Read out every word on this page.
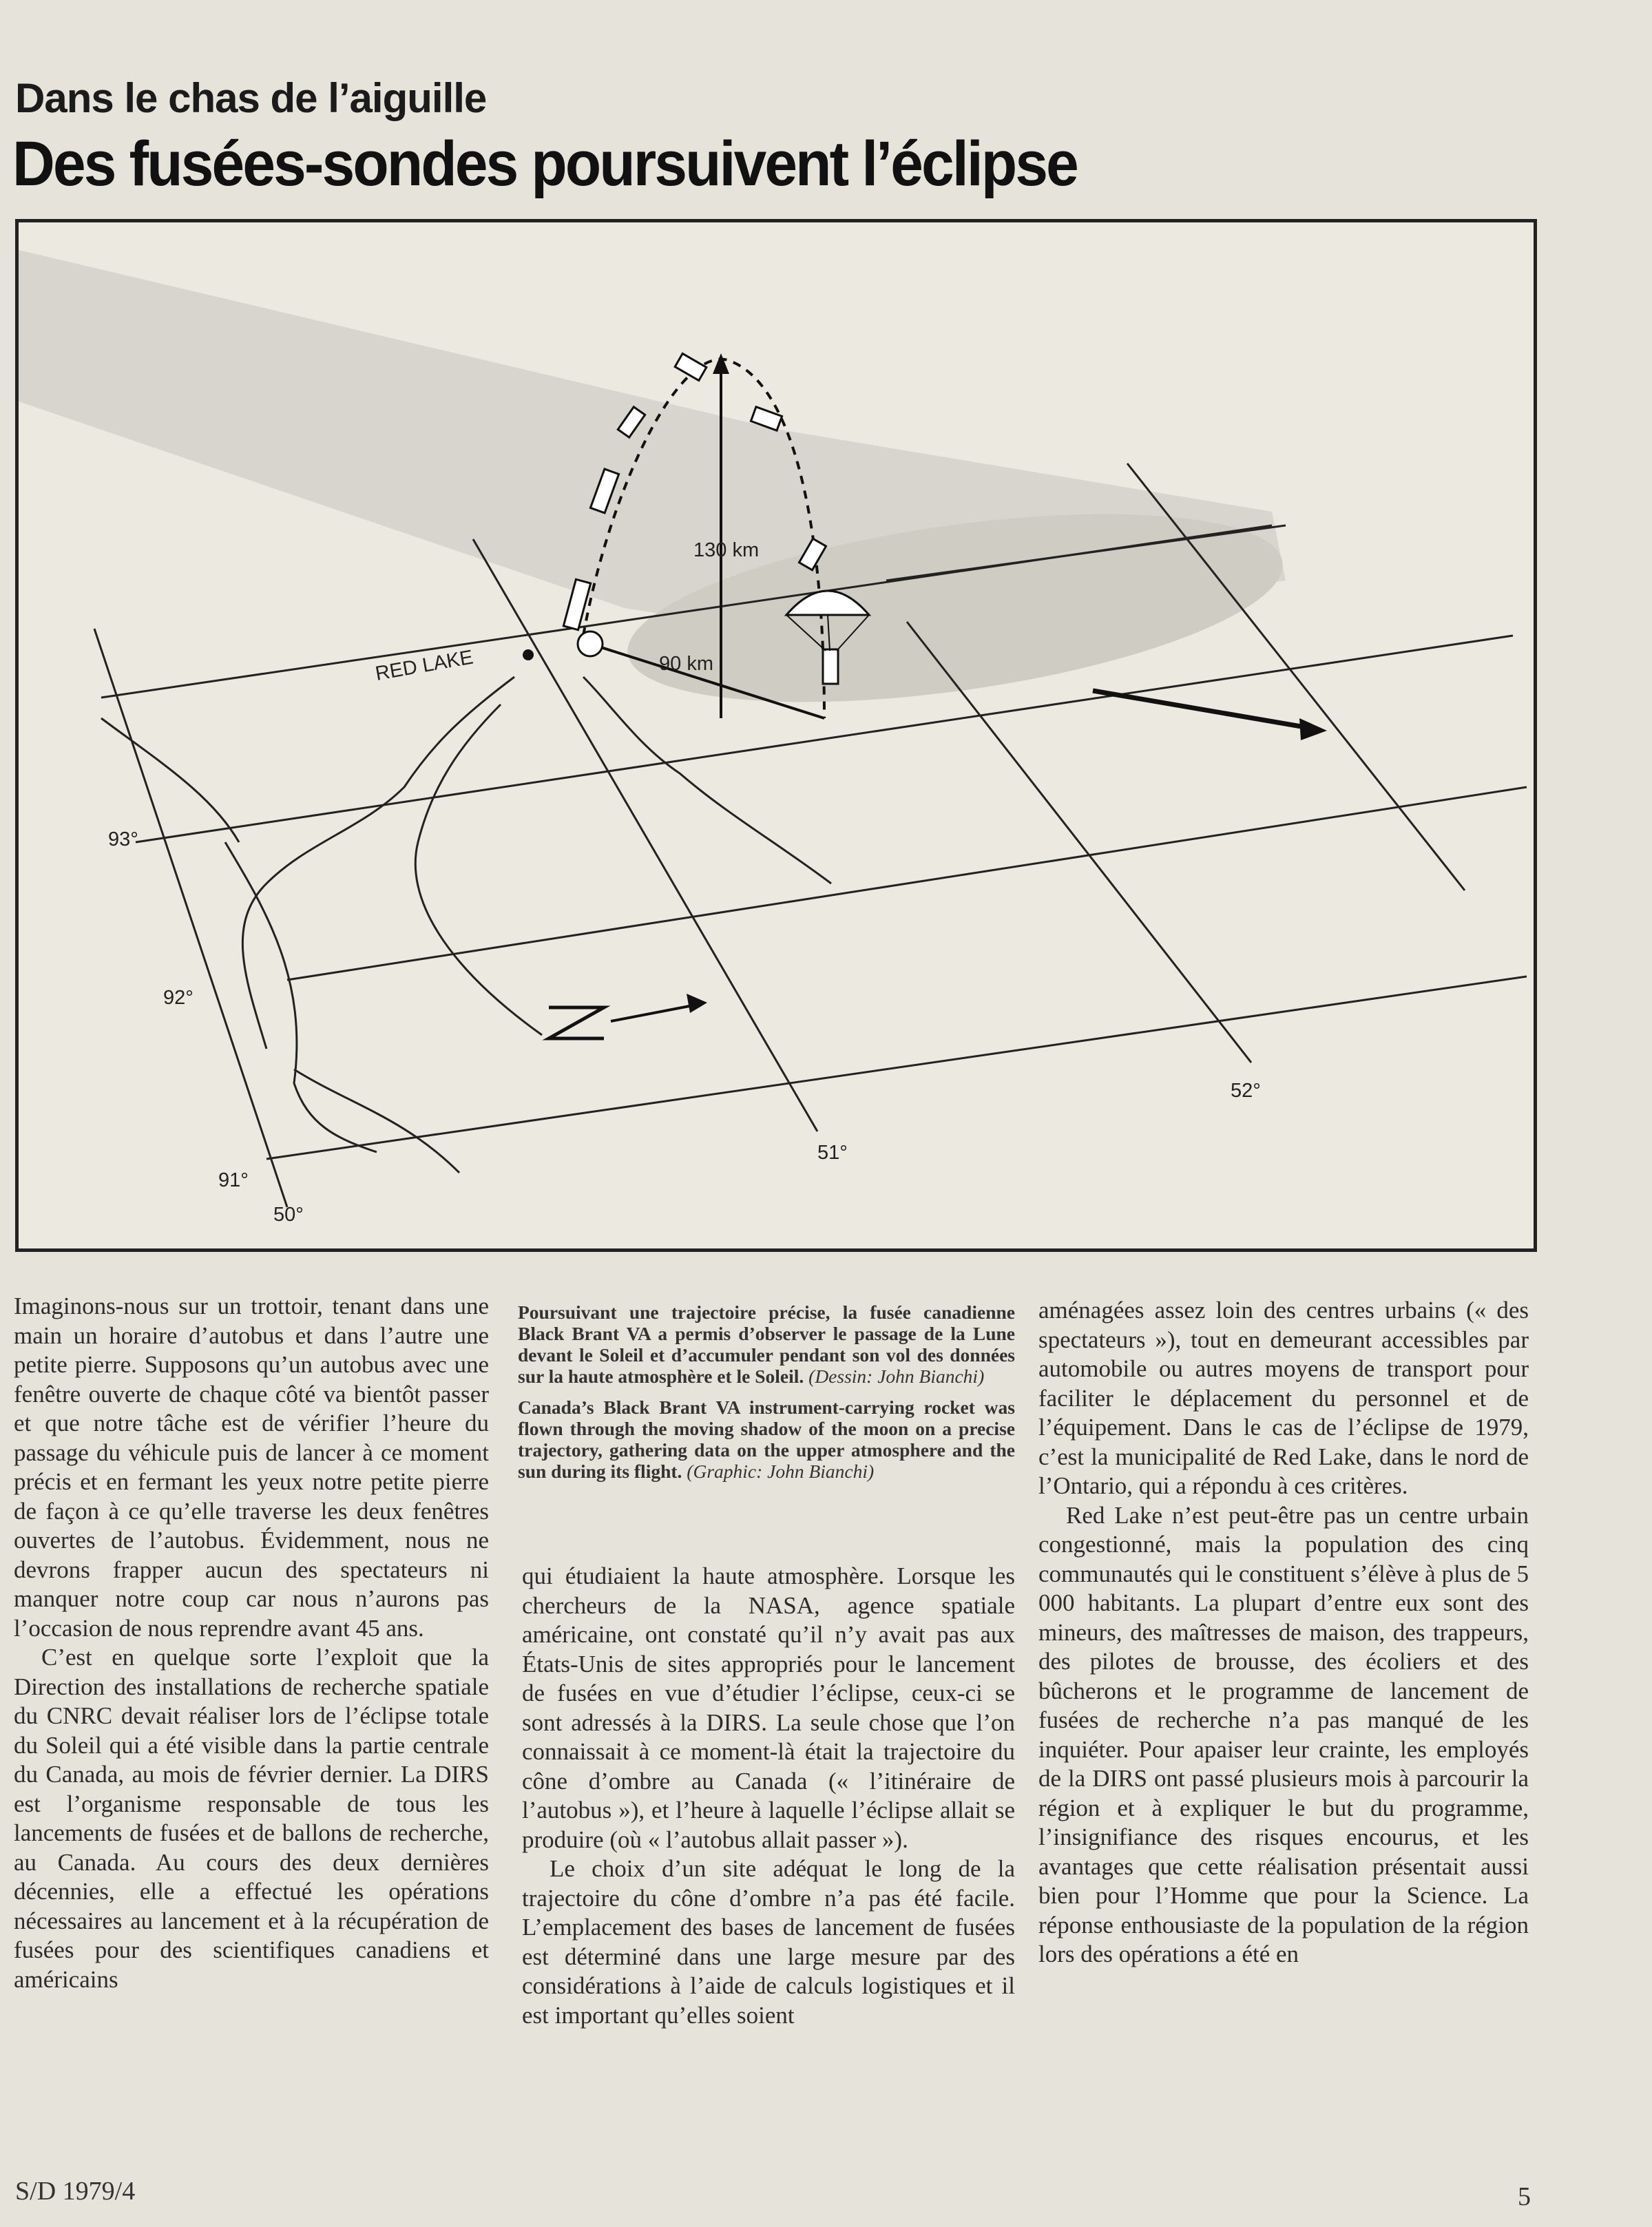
Dans le chas de l’aiguille
Des fusées-sondes poursuivent l’éclipse
RED LAKE
130 km
90 km
93°
92°
91°
50°
51°
52°

Imaginons-nous sur un trottoir, tenant dans une main un horaire d’autobus et dans l’autre une petite pierre. Supposons qu’un autobus avec une fenêtre ouverte de chaque côté va bientôt passer et que notre tâche est de vérifier l’heure du passage du véhicule puis de lancer à ce moment précis et en fermant les yeux notre petite pierre de façon à ce qu’elle traverse les deux fenêtres ouvertes de l’autobus. Évidemment, nous ne devrons frapper aucun des spectateurs ni manquer notre coup car nous n’aurons pas l’occasion de nous reprendre avant 45 ans.

C’est en quelque sorte l’exploit que la Direction des installations de recherche spatiale du CNRC devait réaliser lors de l’éclipse totale du Soleil qui a été visible dans la partie centrale du Canada, au mois de février dernier. La DIRS est l’organisme responsable de tous les lancements de fusées et de ballons de recherche, au Canada. Au cours des deux dernières décennies, elle a effectué les opérations nécessaires au lancement et à la récupération de fusées pour des scientifiques canadiens et américains

Poursuivant une trajectoire précise, la fusée canadienne Black Brant VA a permis d’observer le passage de la Lune devant le Soleil et d’accumuler pendant son vol des données sur la haute atmosphère et le Soleil. (Dessin: John Bianchi)

Canada’s Black Brant VA instrument-carrying rocket was flown through the moving shadow of the moon on a precise trajectory, gathering data on the upper atmosphere and the sun during its flight. (Graphic: John Bianchi)

qui étudiaient la haute atmosphère. Lorsque les chercheurs de la NASA, agence spatiale américaine, ont constaté qu’il n’y avait pas aux États-Unis de sites appropriés pour le lancement de fusées en vue d’étudier l’éclipse, ceux-ci se sont adressés à la DIRS. La seule chose que l’on connaissait à ce moment-là était la trajectoire du cône d’ombre au Canada (« l’itinéraire de l’autobus »), et l’heure à laquelle l’éclipse allait se produire (où « l’autobus allait passer »).

Le choix d’un site adéquat le long de la trajectoire du cône d’ombre n’a pas été facile. L’emplacement des bases de lancement de fusées est déterminé dans une large mesure par des considérations à l’aide de calculs logistiques et il est important qu’elles soient

aménagées assez loin des centres urbains (« des spectateurs »), tout en demeurant accessibles par automobile ou autres moyens de transport pour faciliter le déplacement du personnel et de l’équipement. Dans le cas de l’éclipse de 1979, c’est la municipalité de Red Lake, dans le nord de l’Ontario, qui a répondu à ces critères.

Red Lake n’est peut-être pas un centre urbain congestionné, mais la population des cinq communautés qui le constituent s’élève à plus de 5 000 habitants. La plupart d’entre eux sont des mineurs, des maîtresses de maison, des trappeurs, des pilotes de brousse, des écoliers et des bûcherons et le programme de lancement de fusées de recherche n’a pas manqué de les inquiéter. Pour apaiser leur crainte, les employés de la DIRS ont passé plusieurs mois à parcourir la région et à expliquer le but du programme, l’insignifiance des risques encourus, et les avantages que cette réalisation présentait aussi bien pour l’Homme que pour la Science. La réponse enthousiaste de la population de la région lors des opérations a été en

S/D 1979/4	5
